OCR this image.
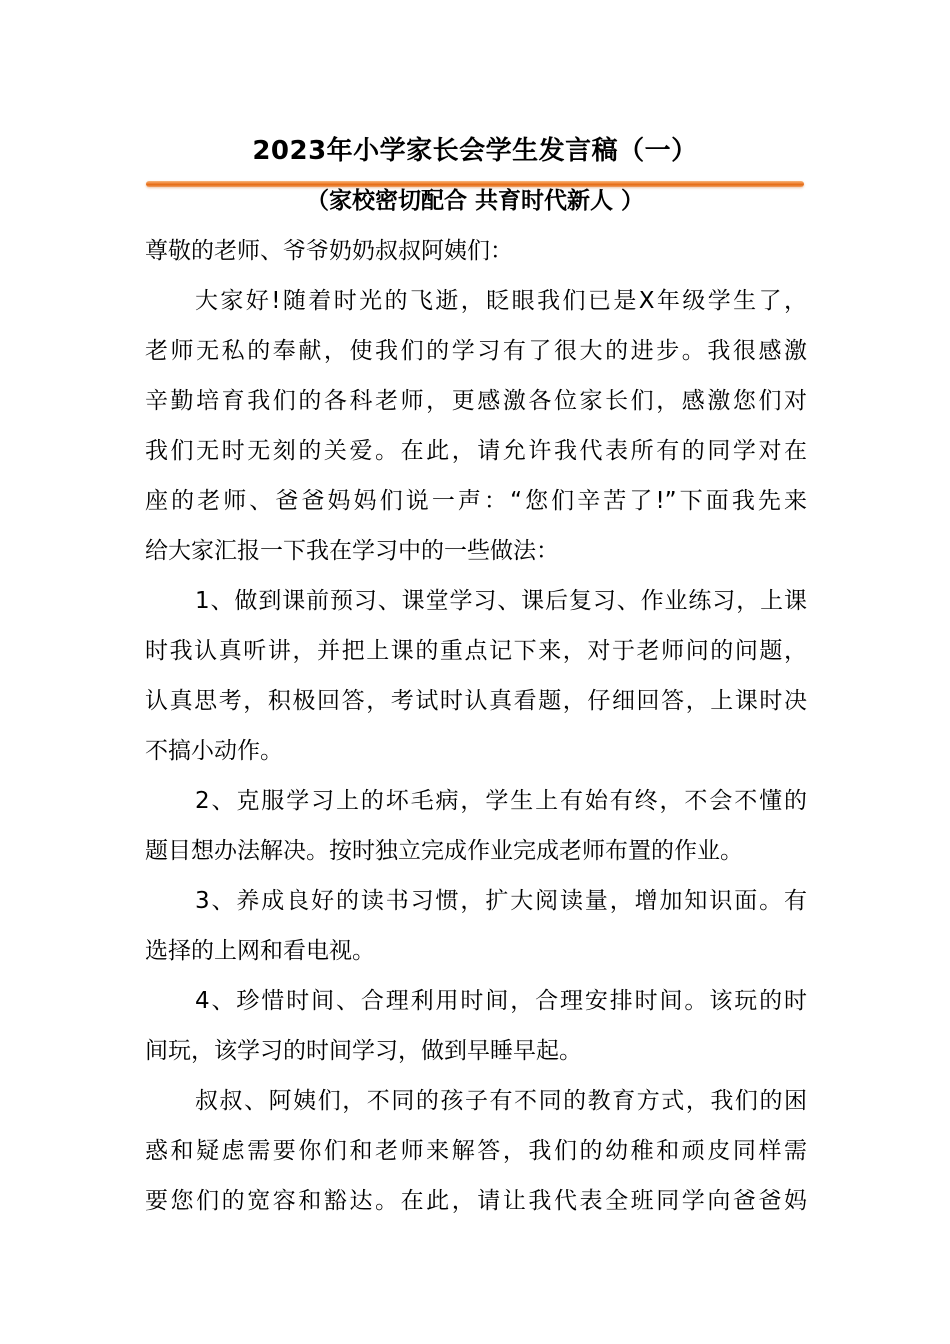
2023年小学家长会学生发言稿（一）
（家校密切配合 共育时代新人 ）
尊敬的老师、爷爷奶奶叔叔阿姨们：
大家好!随着时光的飞逝，眨眼我们已是X年级学生了，
老师无私的奉献，使我们的学习有了很大的进步。我很感激
辛勤培育我们的各科老师，更感激各位家长们，感激您们对
我们无时无刻的关爱。在此，请允许我代表所有的同学对在
座的老师、爸爸妈妈们说一声：“您们辛苦了!”下面我先来
给大家汇报一下我在学习中的一些做法：
1、做到课前预习、课堂学习、课后复习、作业练习，上课
时我认真听讲，并把上课的重点记下来，对于老师问的问题，
认真思考，积极回答，考试时认真看题，仔细回答，上课时决
不搞小动作。
2、克服学习上的坏毛病，学生上有始有终，不会不懂的
题目想办法解决。按时独立完成作业完成老师布置的作业。
3、养成良好的读书习惯，扩大阅读量，增加知识面。有
选择的上网和看电视。
4、珍惜时间、合理利用时间，合理安排时间。该玩的时
间玩，该学习的时间学习，做到早睡早起。
叔叔、阿姨们，不同的孩子有不同的教育方式，我们的困
惑和疑虑需要你们和老师来解答，我们的幼稚和顽皮同样需
要您们的宽容和豁达。在此，请让我代表全班同学向爸爸妈
